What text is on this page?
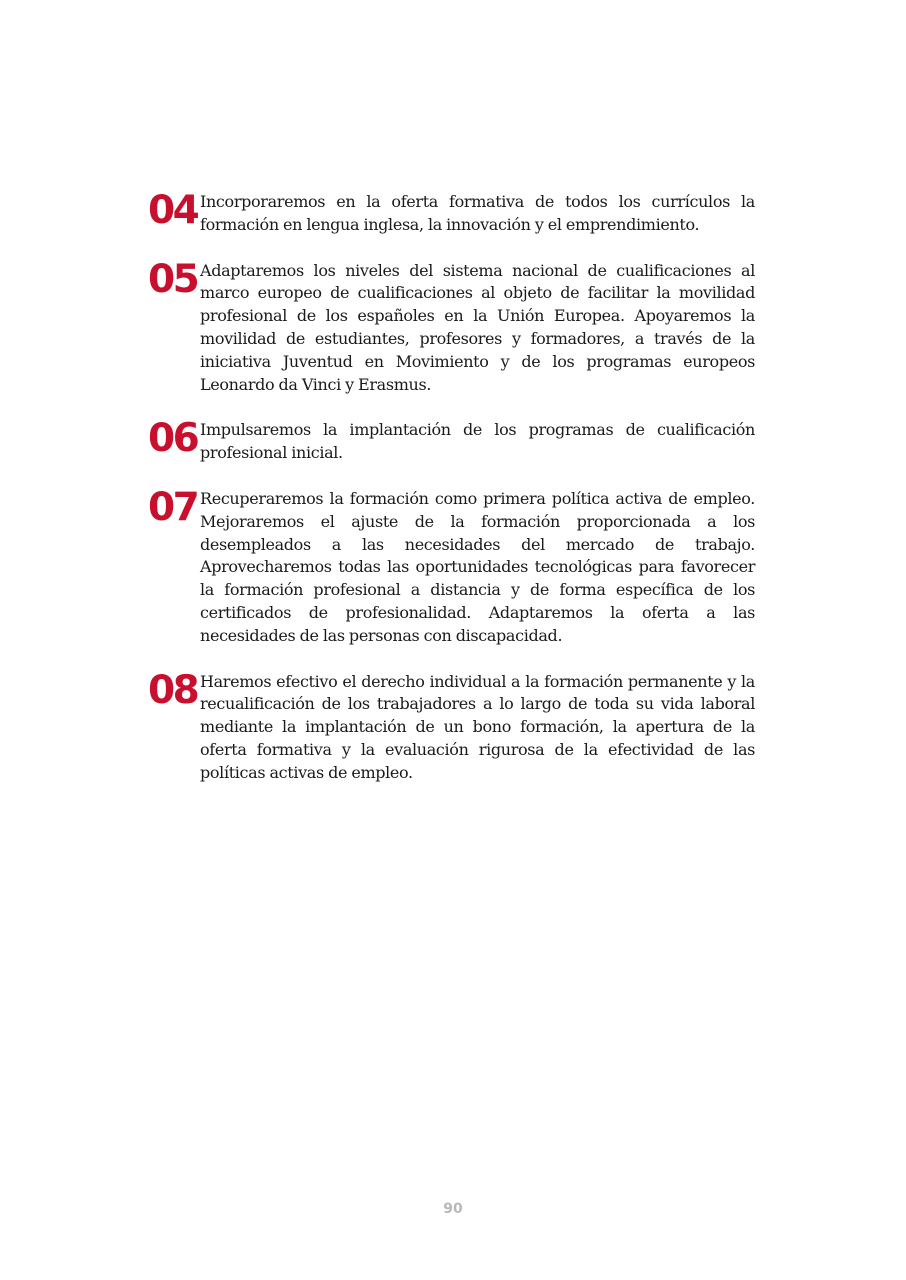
04 Incorporaremos en la oferta formativa de todos los currículos la formación en lengua inglesa, la innovación y el emprendimiento.

05 Adaptaremos los niveles del sistema nacional de cualificaciones al marco europeo de cualificaciones al objeto de facilitar la movilidad profesional de los españoles en la Unión Europea. Apoyaremos la movilidad de estudiantes, profesores y formadores, a través de la iniciativa Juventud en Movimiento y de los programas europeos Leonardo da Vinci y Erasmus.

06 Impulsaremos la implantación de los programas de cualificación profesional inicial.

07 Recuperaremos la formación como primera política activa de empleo. Mejoraremos el ajuste de la formación proporcionada a los desempleados a las necesidades del mercado de trabajo. Aprovecharemos todas las oportunidades tecnológicas para favorecer la formación profesional a distancia y de forma específica de los certificados de profesionalidad. Adaptaremos la oferta a las necesidades de las personas con discapacidad.

08 Haremos efectivo el derecho individual a la formación permanente y la recualificación de los trabajadores a lo largo de toda su vida laboral mediante la implantación de un bono formación, la apertura de la oferta formativa y la evaluación rigurosa de la efectividad de las políticas activas de empleo.

90
